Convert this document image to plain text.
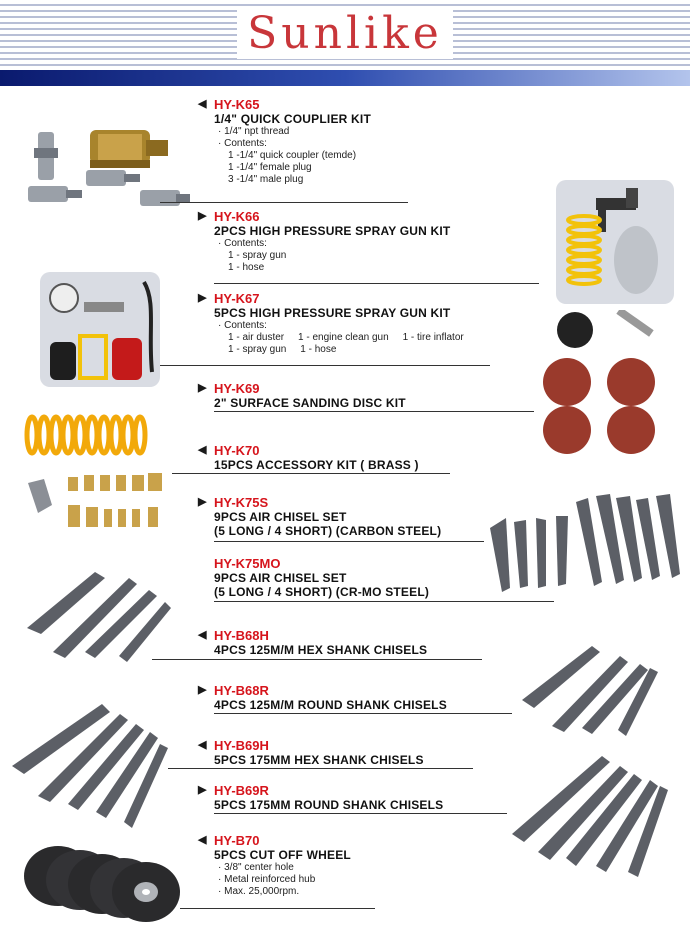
Sunlike
◀ HY-K65
1/4" QUICK COUPLIER KIT
· 1/4" npt thread
· Contents:
1 -1/4" quick coupler (temde)
1 -1/4" female plug
3 -1/4" male plug
▶ HY-K66
2PCS HIGH PRESSURE SPRAY GUN KIT
· Contents:
1 - spray gun
1 - hose
▶ HY-K67
5PCS HIGH PRESSURE SPRAY GUN KIT
· Contents:
1 - air duster 1 - engine clean gun 1 - tire inflator
1 - spray gun 1 - hose
▶ HY-K69
2" SURFACE SANDING DISC KIT
◀ HY-K70
15PCS ACCESSORY KIT ( BRASS )
▶ HY-K75S
9PCS AIR CHISEL SET
(5 LONG / 4 SHORT) (CARBON STEEL)
HY-K75MO
9PCS AIR CHISEL SET
(5 LONG / 4 SHORT) (CR-MO STEEL)
◀ HY-B68H
4PCS 125M/M HEX SHANK CHISELS
▶ HY-B68R
4PCS 125M/M ROUND SHANK CHISELS
◀ HY-B69H
5PCS 175MM HEX SHANK CHISELS
▶ HY-B69R
5PCS 175MM ROUND SHANK CHISELS
◀ HY-B70
5PCS CUT OFF WHEEL
· 3/8" center hole
· Metal reinforced hub
· Max. 25,000rpm.
